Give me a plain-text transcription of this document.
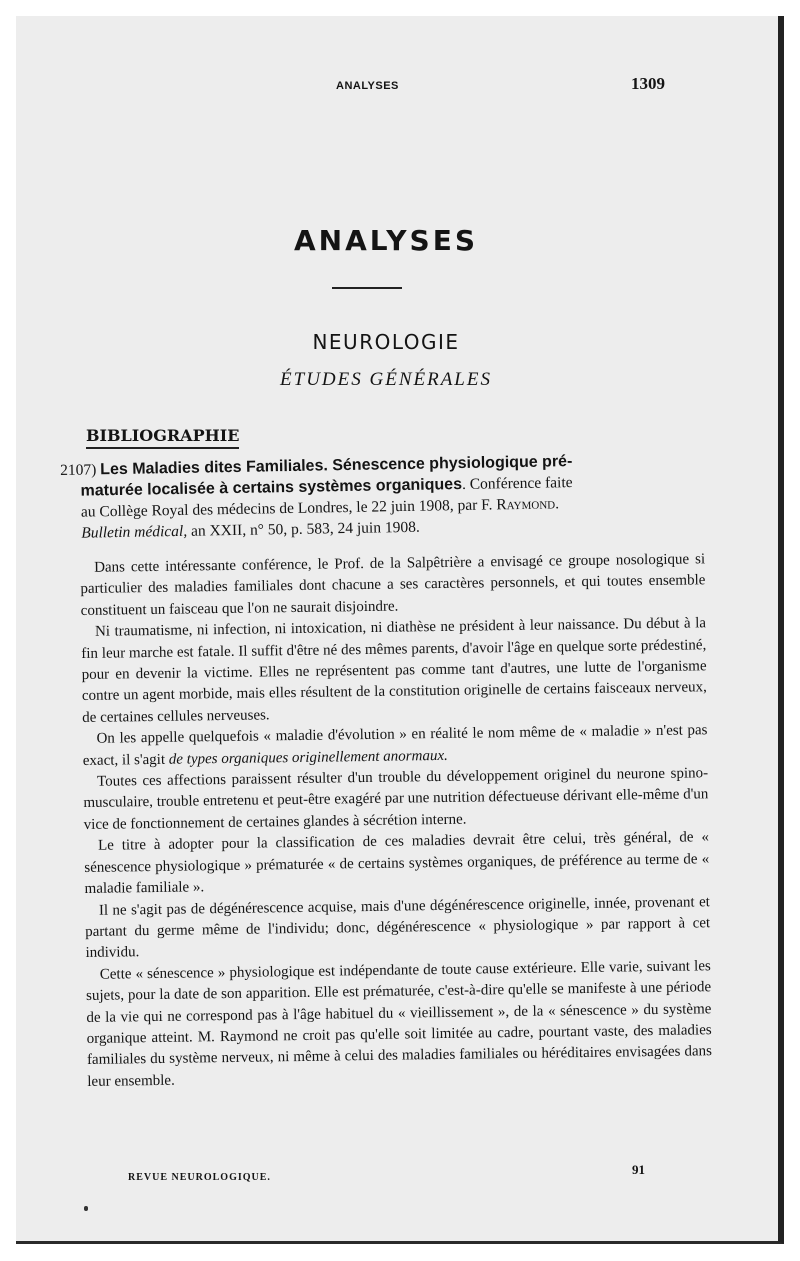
ANALYSES	1309
ANALYSES
NEUROLOGIE
ÉTUDES GÉNÉRALES
BIBLIOGRAPHIE
2107) Les Maladies dites Familiales. Sénescence physiologique pré-
maturée localisée à certains systèmes organiques. Conférence faite
au Collège Royal des médecins de Londres, le 22 juin 1908, par F. Raymond.
Bulletin médical, an XXII, n° 50, p. 583, 24 juin 1908.

Dans cette intéressante conférence, le Prof. de la Salpêtrière a envisagé ce groupe nosologique si particulier des maladies familiales dont chacune a ses caractères personnels, et qui toutes ensemble constituent un faisceau que l'on ne saurait disjoindre.

Ni traumatisme, ni infection, ni intoxication, ni diathèse ne président à leur naissance. Du début à la fin leur marche est fatale. Il suffit d'être né des mêmes parents, d'avoir l'âge en quelque sorte prédestiné, pour en devenir la victime. Elles ne représentent pas comme tant d'autres, une lutte de l'organisme contre un agent morbide, mais elles résultent de la constitution originelle de certains faisceaux nerveux, de certaines cellules nerveuses.

On les appelle quelquefois « maladie d'évolution » en réalité le nom même de « maladie » n'est pas exact, il s'agit de types organiques originellement anormaux.

Toutes ces affections paraissent résulter d'un trouble du développement originel du neurone spino-musculaire, trouble entretenu et peut-être exagéré par une nutrition défectueuse dérivant elle-même d'un vice de fonctionnement de certaines glandes à sécrétion interne.

Le titre à adopter pour la classification de ces maladies devrait être celui, très général, de « sénescence physiologique » prématurée « de certains systèmes organiques, de préférence au terme de « maladie familiale ».

Il ne s'agit pas de dégénérescence acquise, mais d'une dégénérescence originelle, innée, provenant et partant du germe même de l'individu; donc, dégénérescence « physiologique » par rapport à cet individu.

Cette « sénescence » physiologique est indépendante de toute cause extérieure. Elle varie, suivant les sujets, pour la date de son apparition. Elle est prématurée, c'est-à-dire qu'elle se manifeste à une période de la vie qui ne correspond pas à l'âge habituel du « vieillissement », de la « sénescence » du système organique atteint. M. Raymond ne croit pas qu'elle soit limitée au cadre, pourtant vaste, des maladies familiales du système nerveux, ni même à celui des maladies familiales ou héréditaires envisagées dans leur ensemble.

REVUE NEUROLOGIQUE.
91
